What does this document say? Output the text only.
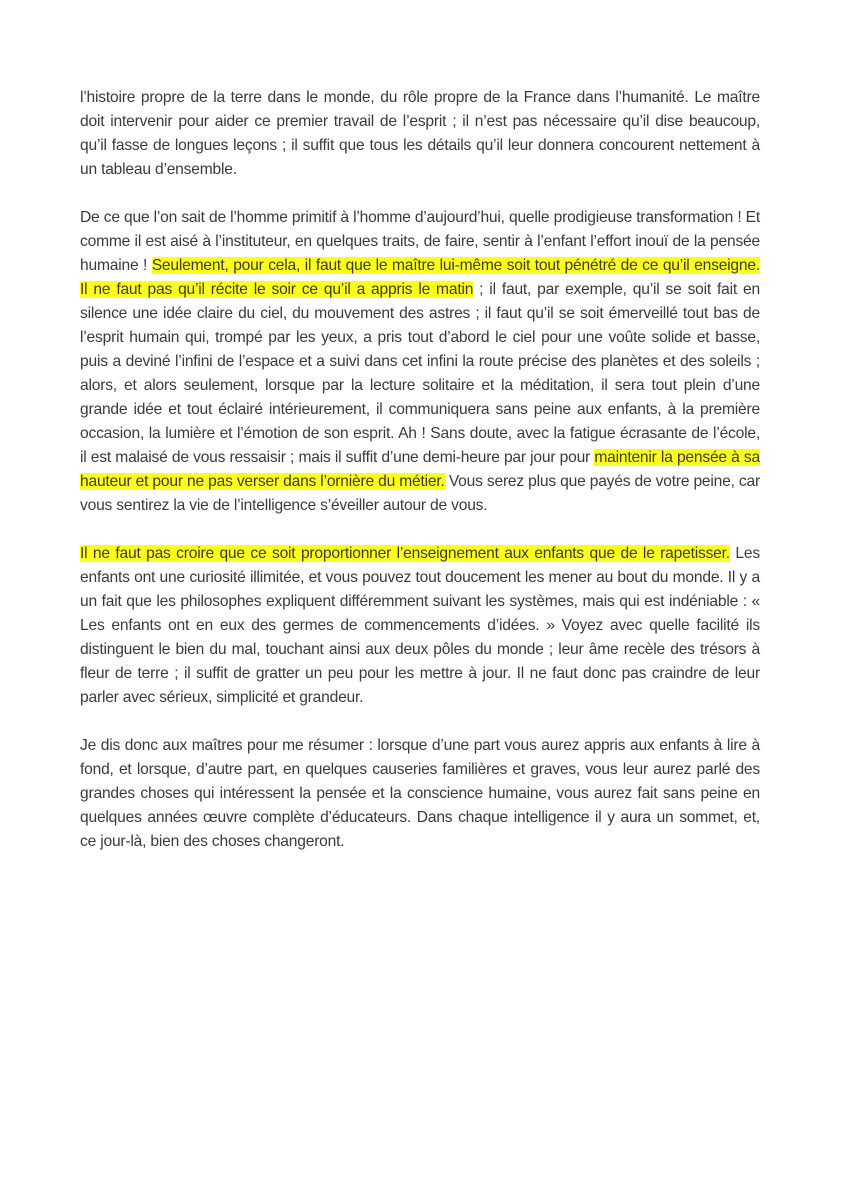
l’histoire propre de la terre dans le monde, du rôle propre de la France dans l’humanité. Le maître doit intervenir pour aider ce premier travail de l’esprit ; il n’est pas nécessaire qu’il dise beaucoup, qu’il fasse de longues leçons ; il suffit que tous les détails qu’il leur donnera concourent nettement à un tableau d’ensemble.

De ce que l’on sait de l’homme primitif à l’homme d’aujourd’hui, quelle prodigieuse transformation ! Et comme il est aisé à l’instituteur, en quelques traits, de faire, sentir à l’enfant l’effort inouï de la pensée humaine ! Seulement, pour cela, il faut que le maître lui-même soit tout pénétré de ce qu’il enseigne. Il ne faut pas qu’il récite le soir ce qu’il a appris le matin ; il faut, par exemple, qu’il se soit fait en silence une idée claire du ciel, du mouvement des astres ; il faut qu’il se soit émerveillé tout bas de l’esprit humain qui, trompé par les yeux, a pris tout d’abord le ciel pour une voûte solide et basse, puis a deviné l’infini de l’espace et a suivi dans cet infini la route précise des planètes et des soleils ; alors, et alors seulement, lorsque par la lecture solitaire et la méditation, il sera tout plein d’une grande idée et tout éclairé intérieurement, il communiquera sans peine aux enfants, à la première occasion, la lumière et l’émotion de son esprit. Ah ! Sans doute, avec la fatigue écrasante de l’école, il est malaisé de vous ressaisir ; mais il suffit d’une demi-heure par jour pour maintenir la pensée à sa hauteur et pour ne pas verser dans l’ornière du métier. Vous serez plus que payés de votre peine, car vous sentirez la vie de l’intelligence s’éveiller autour de vous.

Il ne faut pas croire que ce soit proportionner l’enseignement aux enfants que de le rapetisser. Les enfants ont une curiosité illimitée, et vous pouvez tout doucement les mener au bout du monde. Il y a un fait que les philosophes expliquent différemment suivant les systèmes, mais qui est indéniable : « Les enfants ont en eux des germes de commencements d’idées. » Voyez avec quelle facilité ils distinguent le bien du mal, touchant ainsi aux deux pôles du monde ; leur âme recèle des trésors à fleur de terre ; il suffit de gratter un peu pour les mettre à jour. Il ne faut donc pas craindre de leur parler avec sérieux, simplicité et grandeur.

Je dis donc aux maîtres pour me résumer : lorsque d’une part vous aurez appris aux enfants à lire à fond, et lorsque, d’autre part, en quelques causeries familières et graves, vous leur aurez parlé des grandes choses qui intéressent la pensée et la conscience humaine, vous aurez fait sans peine en quelques années œuvre complète d’éducateurs. Dans chaque intelligence il y aura un sommet, et, ce jour-là, bien des choses changeront.
